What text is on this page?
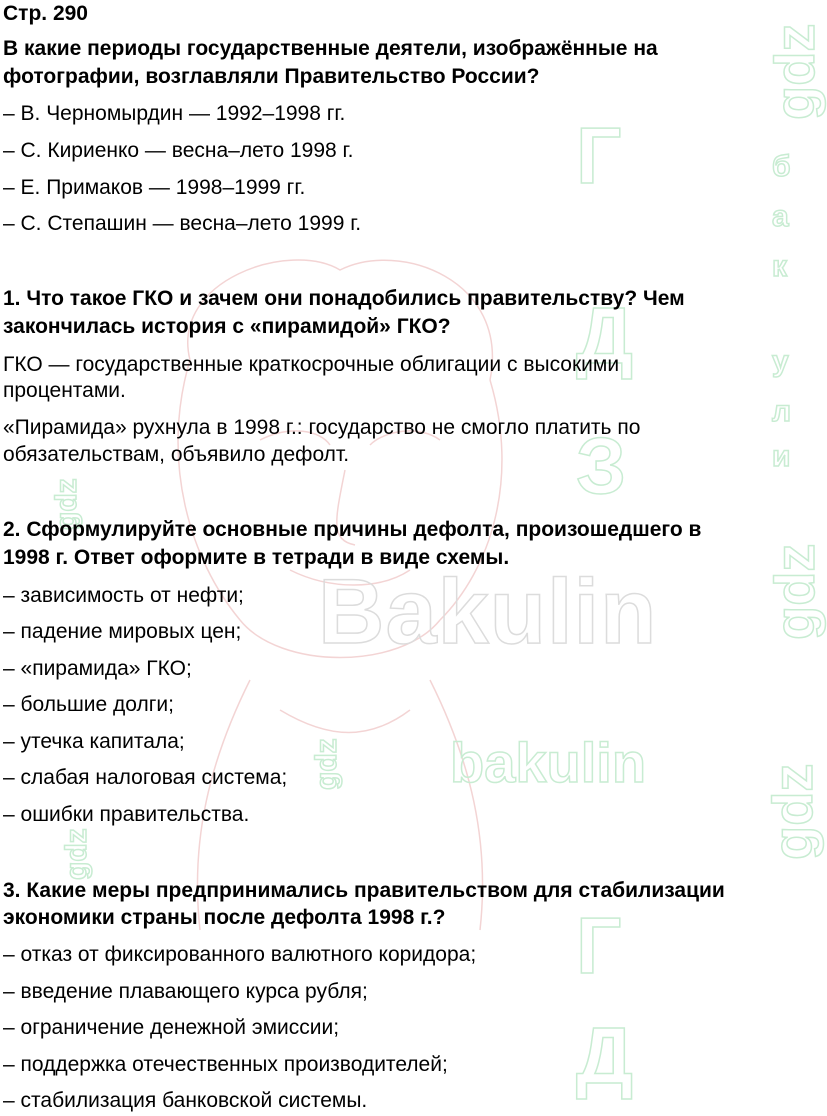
Bakulin
bakulin
gdz
gdz
gdz
gdz
gdz
gdz
Г	б
а
к
у
л
и
Д
З
Г
Д

Стр. 290

В какие периоды государственные деятели, изображённые на

фотографии, возглавляли Правительство России?

– В. Черномырдин — 1992–1998 гг.

– С. Кириенко — весна–лето 1998 г.

– Е. Примаков — 1998–1999 гг.

– С. Степашин — весна–лето 1999 г.

1. Что такое ГКО и зачем они понадобились правительству? Чем

закончилась история с «пирамидой» ГКО?

ГКО — государственные краткосрочные облигации с высокими

процентами.

«Пирамида» рухнула в 1998 г.: государство не смогло платить по

обязательствам, объявило дефолт.

2. Сформулируйте основные причины дефолта, произошедшего в

1998 г. Ответ оформите в тетради в виде схемы.

– зависимость от нефти;

– падение мировых цен;

– «пирамида» ГКО;

– большие долги;

– утечка капитала;

– слабая налоговая система;

– ошибки правительства.

3. Какие меры предпринимались правительством для стабилизации

экономики страны после дефолта 1998 г.?

– отказ от фиксированного валютного коридора;

– введение плавающего курса рубля;

– ограничение денежной эмиссии;

– поддержка отечественных производителей;

– стабилизация банковской системы.
